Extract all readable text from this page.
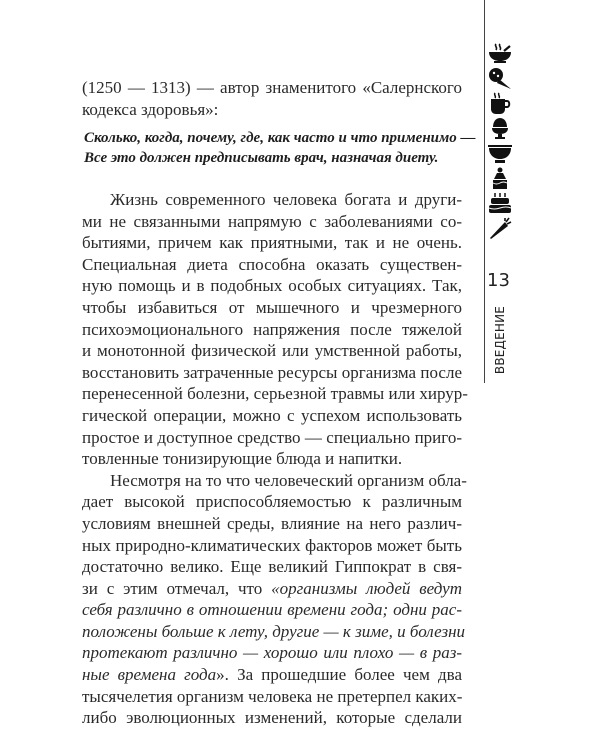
(1250 — 1313) — автор знаменитого «Салернского
кодекса здоровья»:
Сколько, когда, почему, где, как часто и что применимо —
Все это должен предписывать врач, назначая диету.
Жизнь современного человека богата и други-
ми не связанными напрямую с заболеваниями со-
бытиями, причем как приятными, так и не очень.
Специальная диета способна оказать существен-
ную помощь и в подобных особых ситуациях. Так,
чтобы избавиться от мышечного и чрезмерного
психоэмоционального напряжения после тяжелой
и монотонной физической или умственной работы,
восстановить затраченные ресурсы организма после
перенесенной болезни, серьезной травмы или хирур-
гической операции, можно с успехом использовать
простое и доступное средство — специально приго-
товленные тонизирующие блюда и напитки.
Несмотря на то что человеческий организм обла-
дает высокой приспособляемостью к различным
условиям внешней среды, влияние на него различ-
ных природно-климатических факторов может быть
достаточно велико. Еще великий Гиппократ в свя-
зи с этим отмечал, что «организмы людей ведут
себя различно в отношении времени года; одни рас-
положены больше к лету, другие — к зиме, и болезни
протекают различно — хорошо или плохо — в раз-
ные времена года». За прошедшие более чем два
тысячелетия организм человека не претерпел каких-
либо эволюционных изменений, которые сделали
13
ВВЕДЕНИЕ
